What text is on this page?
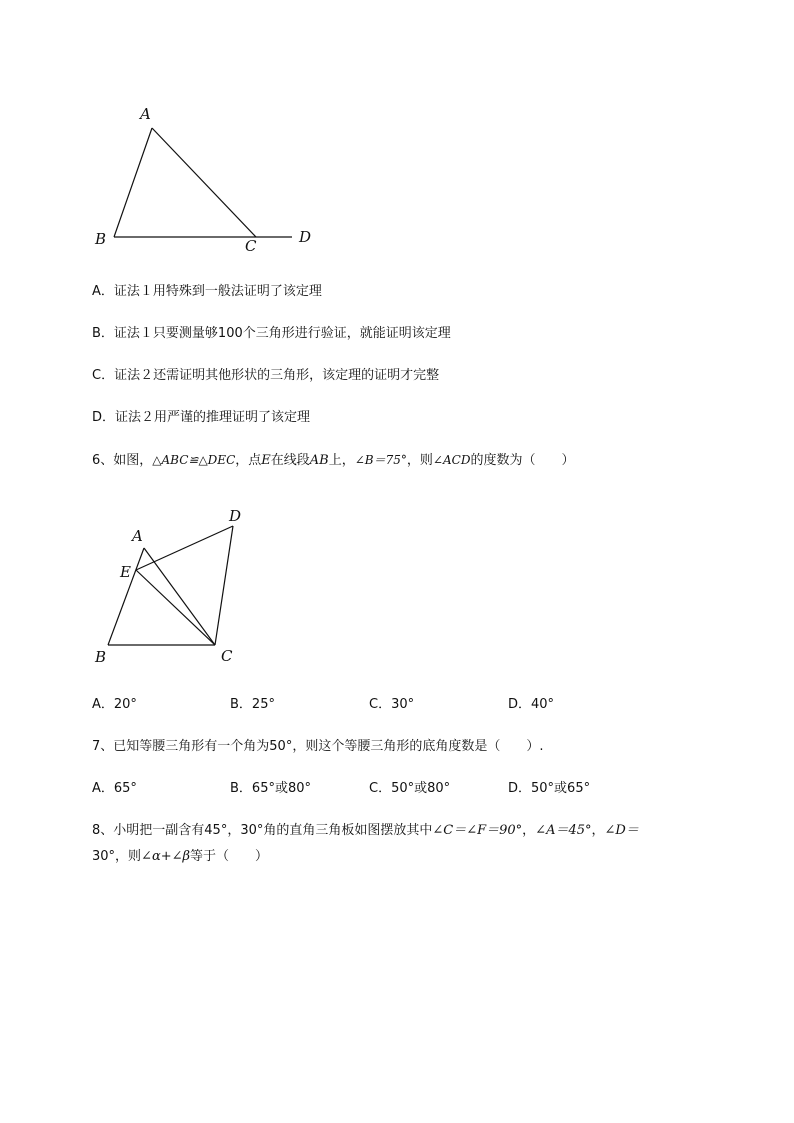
A
B	C	D
A．证法１用特殊到一般法证明了该定理
B．证法１只要测量够100个三角形进行验证，就能证明该定理
C．证法２还需证明其他形状的三角形，该定理的证明才完整
D．证法２用严谨的推理证明了该定理
6、如图，△ABC≌△DEC，点E在线段AB上，∠B＝75°，则∠ACD的度数为（　　）
A
D
E
B	C
A．20°	B．25°	C．30°	D．40°
7、已知等腰三角形有一个角为50°，则这个等腰三角形的底角度数是（　　）.
A．65°	B．65°或80°	C．50°或80°	D．50°或65°
8、小明把一副含有45°，30°角的直角三角板如图摆放其中∠C＝∠F＝90°，∠A＝45°，∠D＝
30°，则∠α+∠β等于（　　）
